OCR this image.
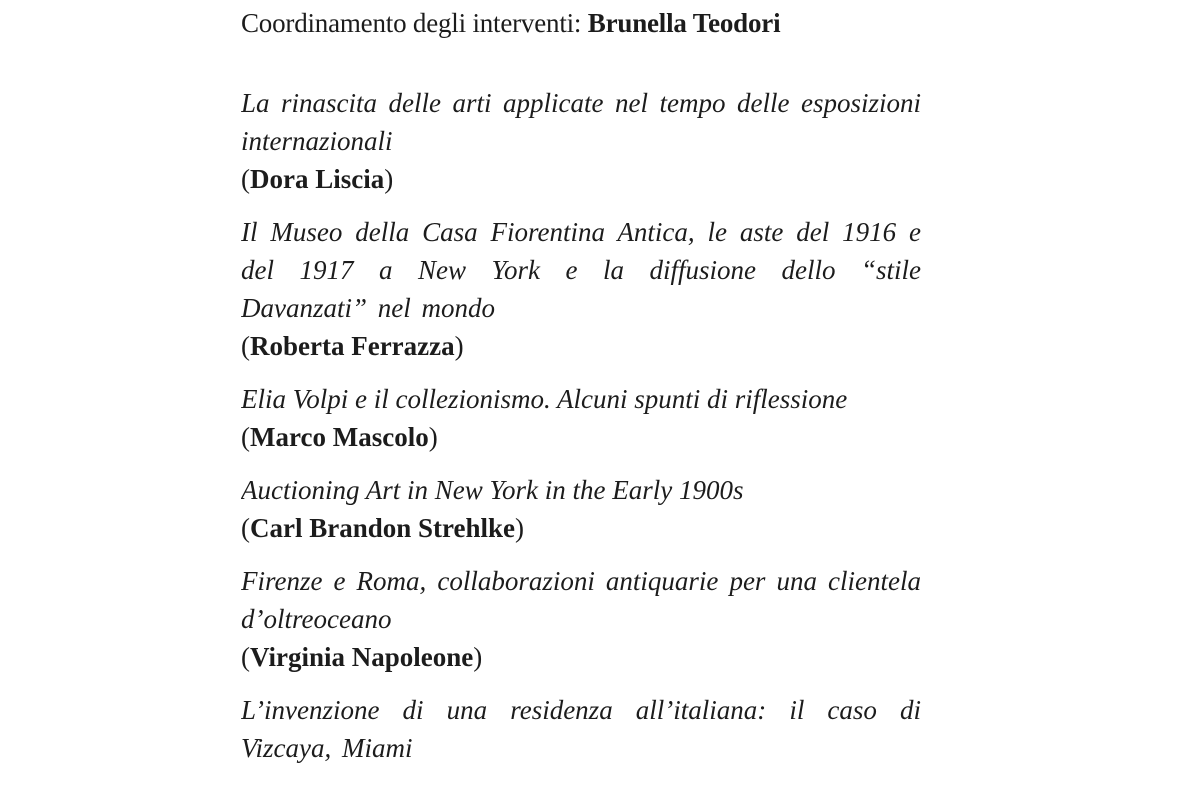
Coordinamento degli interventi: Brunella Teodori

La rinascita delle arti applicate nel tempo delle esposizioni internazionali

(Dora Liscia)

Il Museo della Casa Fiorentina Antica, le aste del 1916 e del 1917 a New York e la diffusione dello “stile Davanzati” nel mondo

(Roberta Ferrazza)

Elia Volpi e il collezionismo. Alcuni spunti di riflessione

(Marco Mascolo)

Auctioning Art in New York in the Early 1900s

(Carl Brandon Strehlke)

Firenze e Roma, collaborazioni antiquarie per una clientela d’oltreoceano

(Virginia Napoleone)

L’invenzione di una residenza all’italiana: il caso di Vizcaya, Miami
